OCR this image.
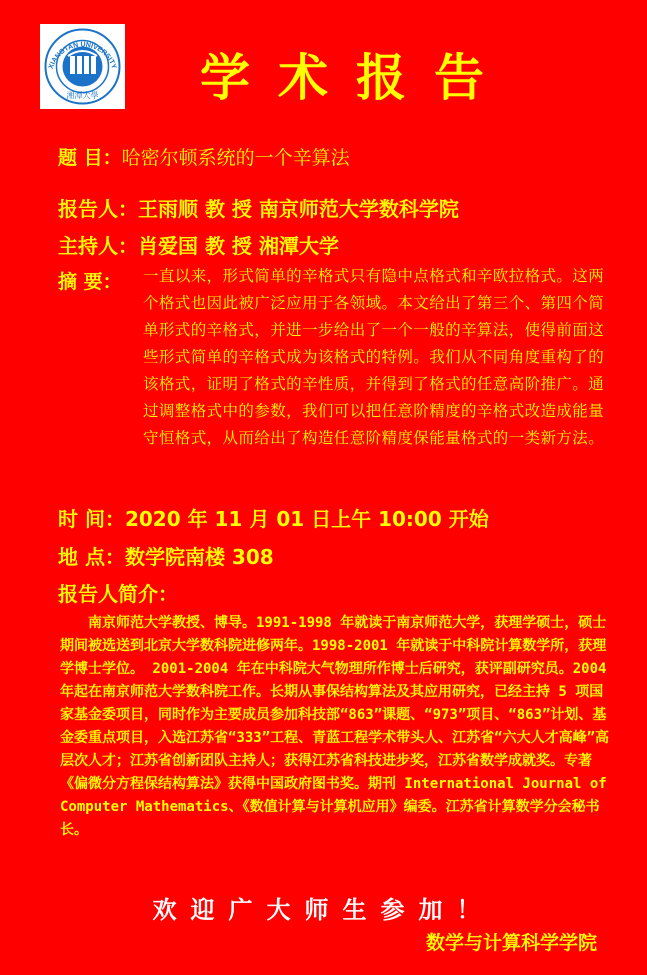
XIANGTAN UNIVERSITY
湘潭大學 学术报告
题 目：哈密尔顿系统的一个辛算法
报告人：王雨顺 教 授 南京师范大学数科学院
主持人：肖爱国 教 授 湘潭大学
摘 要： 一直以来，形式简单的辛格式只有隐中点格式和辛欧拉格式。这两个格式也因此被广泛应用于各领域。本文给出了第三个、第四个简单形式的辛格式，并进一步给出了一个一般的辛算法，使得前面这些形式简单的辛格式成为该格式的特例。我们从不同角度重构了的该格式，证明了格式的辛性质，并得到了格式的任意高阶推广。通过调整格式中的参数，我们可以把任意阶精度的辛格式改造成能量守恒格式，从而给出了构造任意阶精度保能量格式的一类新方法。
时 间：2020 年 11 月 01 日上午 10:00 开始
地 点：数学院南楼 308
报告人简介：
南京师范大学教授、博导。1991-1998 年就读于南京师范大学，获理学硕士，硕士期间被选送到北京大学数科院进修两年。1998-2001 年就读于中科院计算数学所，获理学博士学位。 2001-2004 年在中科院大气物理所作博士后研究，获评副研究员。2004 年起在南京师范大学数科院工作。长期从事保结构算法及其应用研究，已经主持 5 项国家基金委项目，同时作为主要成员参加科技部“863”课题、“973”项目、“863”计划、基金委重点项目，入选江苏省“333”工程、青蓝工程学术带头人、江苏省“六大人才高峰”高层次人才；江苏省创新团队主持人；获得江苏省科技进步奖，江苏省数学成就奖。专著《偏微分方程保结构算法》获得中国政府图书奖。期刊 International Journal of Computer Mathematics、《数值计算与计算机应用》编委。江苏省计算数学分会秘书长。
欢迎广大师生参加！
数学与计算科学学院
